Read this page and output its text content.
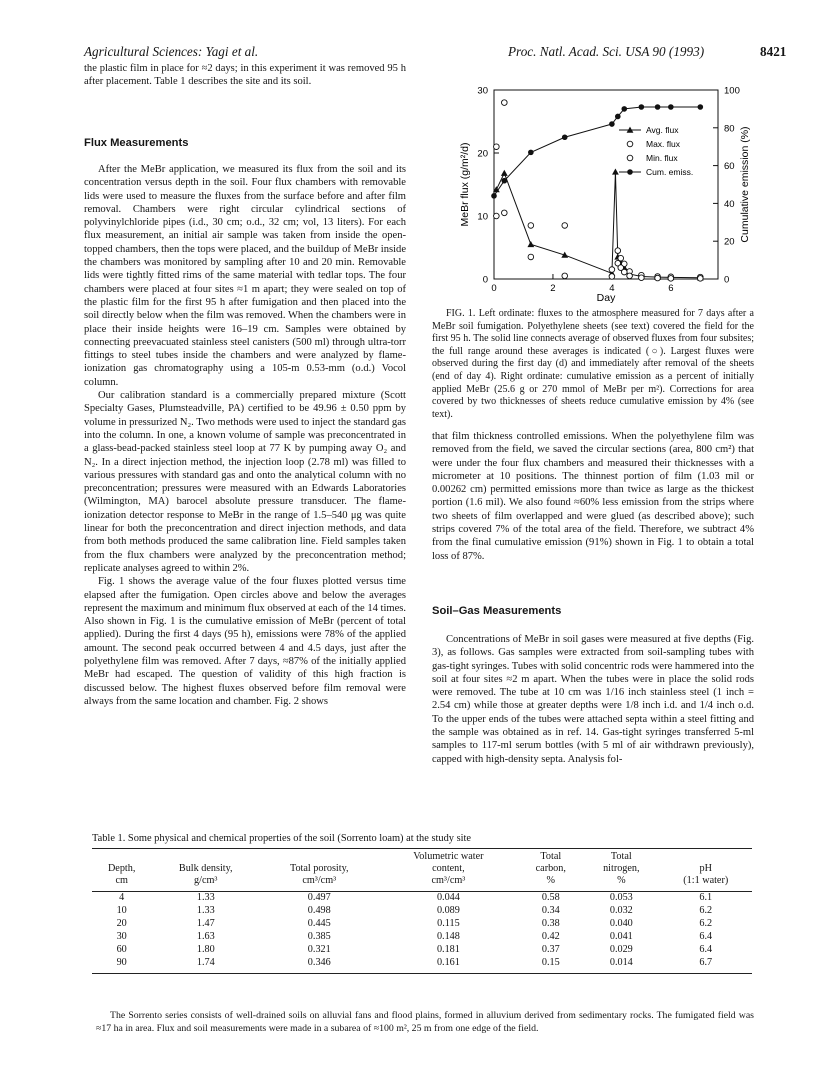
Agricultural Sciences: Yagi et al.	Proc. Natl. Acad. Sci. USA 90 (1993)	8421

the plastic film in place for ≈2 days; in this experiment it was removed 95 h after placement. Table 1 describes the site and its soil.

Flux Measurements

After the MeBr application, we measured its flux from the soil and its concentration versus depth in the soil. Four flux chambers with removable lids were used to measure the fluxes from the surface before and after film removal. Chambers were right circular cylindrical sections of polyvinylchloride pipes (i.d., 30 cm; o.d., 32 cm; vol, 13 liters). For each flux measurement, an initial air sample was taken from inside the open-topped chambers, then the tops were placed, and the buildup of MeBr inside the chambers was monitored by sampling after 10 and 20 min. Removable lids were tightly fitted rims of the same material with tedlar tops. The four chambers were placed at four sites ≈1 m apart; they were sealed on top of the plastic film for the first 95 h after fumigation and then placed into the soil directly below when the film was removed. When the chambers were in place their inside heights were 16–19 cm. Samples were obtained by connecting preevacuated stainless steel canisters (500 ml) through ultra-torr fittings to steel tubes inside the chambers and were analyzed by flame-ionization gas chromatography using a 105-m 0.53-mm (o.d.) Vocol column.

Our calibration standard is a commercially prepared mixture (Scott Specialty Gases, Plumsteadville, PA) certified to be 49.96 ± 0.50 ppm by volume in pressurized N₂. Two methods were used to inject the standard gas into the column. In one, a known volume of sample was preconcentrated in a glass-bead-packed stainless steel loop at 77 K by pumping away O₂ and N₂. In a direct injection method, the injection loop (2.78 ml) was filled to various pressures with standard gas and onto the analytical column with no preconcentration; pressures were measured with an Edwards Laboratories (Wilmington, MA) barocel absolute pressure transducer. The flame-ionization detector response to MeBr in the range of 1.5–540 μg was quite linear for both the preconcentration and direct injection methods, and data from both methods produced the same calibration line. Field samples taken from the flux chambers were analyzed by the preconcentration method; replicate analyses agreed to within 2%.

Fig. 1 shows the average value of the four fluxes plotted versus time elapsed after the fumigation. Open circles above and below the averages represent the maximum and minimum flux observed at each of the 14 times. Also shown in Fig. 1 is the cumulative emission of MeBr (percent of total applied). During the first 4 days (95 h), emissions were 78% of the applied amount. The second peak occurred between 4 and 4.5 days, just after the polyethylene film was removed. After 7 days, ≈87% of the initially applied MeBr had escaped. The question of validity of this high fraction is discussed below. The highest fluxes observed before film removal were always from the same location and chamber. Fig. 2 shows

0
10
20
30
0
20
40
60
80
100
0	2	4	6
Day
MeBr flux (g/m²/d)	Cumulative emission (%)
Avg. flux
Max. flux
Min. flux
Cum. emiss.

FIG. 1. Left ordinate: fluxes to the atmosphere measured for 7 days after a MeBr soil fumigation. Polyethylene sheets (see text) covered the field for the first 95 h. The solid line connects average of observed fluxes from four subsites; the full range around these averages is indicated (○). Largest fluxes were observed during the first day (d) and immediately after removal of the sheets (end of day 4). Right ordinate: cumulative emission as a percent of initially applied MeBr (25.6 g or 270 mmol of MeBr per m²). Corrections for area covered by two thicknesses of sheets reduce cumulative emission by 4% (see text).

that film thickness controlled emissions. When the polyethylene film was removed from the field, we saved the circular sections (area, 800 cm²) that were under the four flux chambers and measured their thicknesses with a micrometer at 10 positions. The thinnest portion of film (1.03 mil or 0.00262 cm) permitted emissions more than twice as large as the thickest portion (1.6 mil). We also found ≈60% less emission from the strips where two sheets of film overlapped and were glued (as described above); such strips covered 7% of the total area of the field. Therefore, we subtract 4% from the final cumulative emission (91%) shown in Fig. 1 to obtain a total loss of 87%.

Soil–Gas Measurements

Concentrations of MeBr in soil gases were measured at five depths (Fig. 3), as follows. Gas samples were extracted from soil-sampling tubes with gas-tight syringes. Tubes with solid concentric rods were hammered into the soil at four sites ≈2 m apart. When the tubes were in place the solid rods were removed. The tube at 10 cm was 1/16 inch stainless steel (1 inch = 2.54 cm) while those at greater depths were 1/8 inch i.d. and 1/4 inch o.d. To the upper ends of the tubes were attached septa within a steel fitting and the sample was obtained as in ref. 14. Gas-tight syringes transferred 5-ml samples to 117-ml serum bottles (with 5 ml of air withdrawn previously), capped with high-density septa. Analysis fol-

Table 1. Some physical and chemical properties of the soil (Sorrento loam) at the study site
Depth,
cm	Bulk density,
g/cm³	Total porosity,
cm³/cm³	Volumetric water
content,
cm³/cm³	Total
carbon,
%	Total
nitrogen,
%	pH
(1:1 water)
4	1.33	0.497	0.044	0.58	0.053	6.1
10	1.33	0.498	0.089	0.34	0.032	6.2
20	1.47	0.445	0.115	0.38	0.040	6.2
30	1.63	0.385	0.148	0.42	0.041	6.4
60	1.80	0.321	0.181	0.37	0.029	6.4
90	1.74	0.346	0.161	0.15	0.014	6.7
The Sorrento series consists of well-drained soils on alluvial fans and flood plains, formed in alluvium derived from sedimentary rocks. The fumigated field was ≈17 ha in area. Flux and soil measurements were made in a subarea of ≈100 m², 25 m from one edge of the field.
